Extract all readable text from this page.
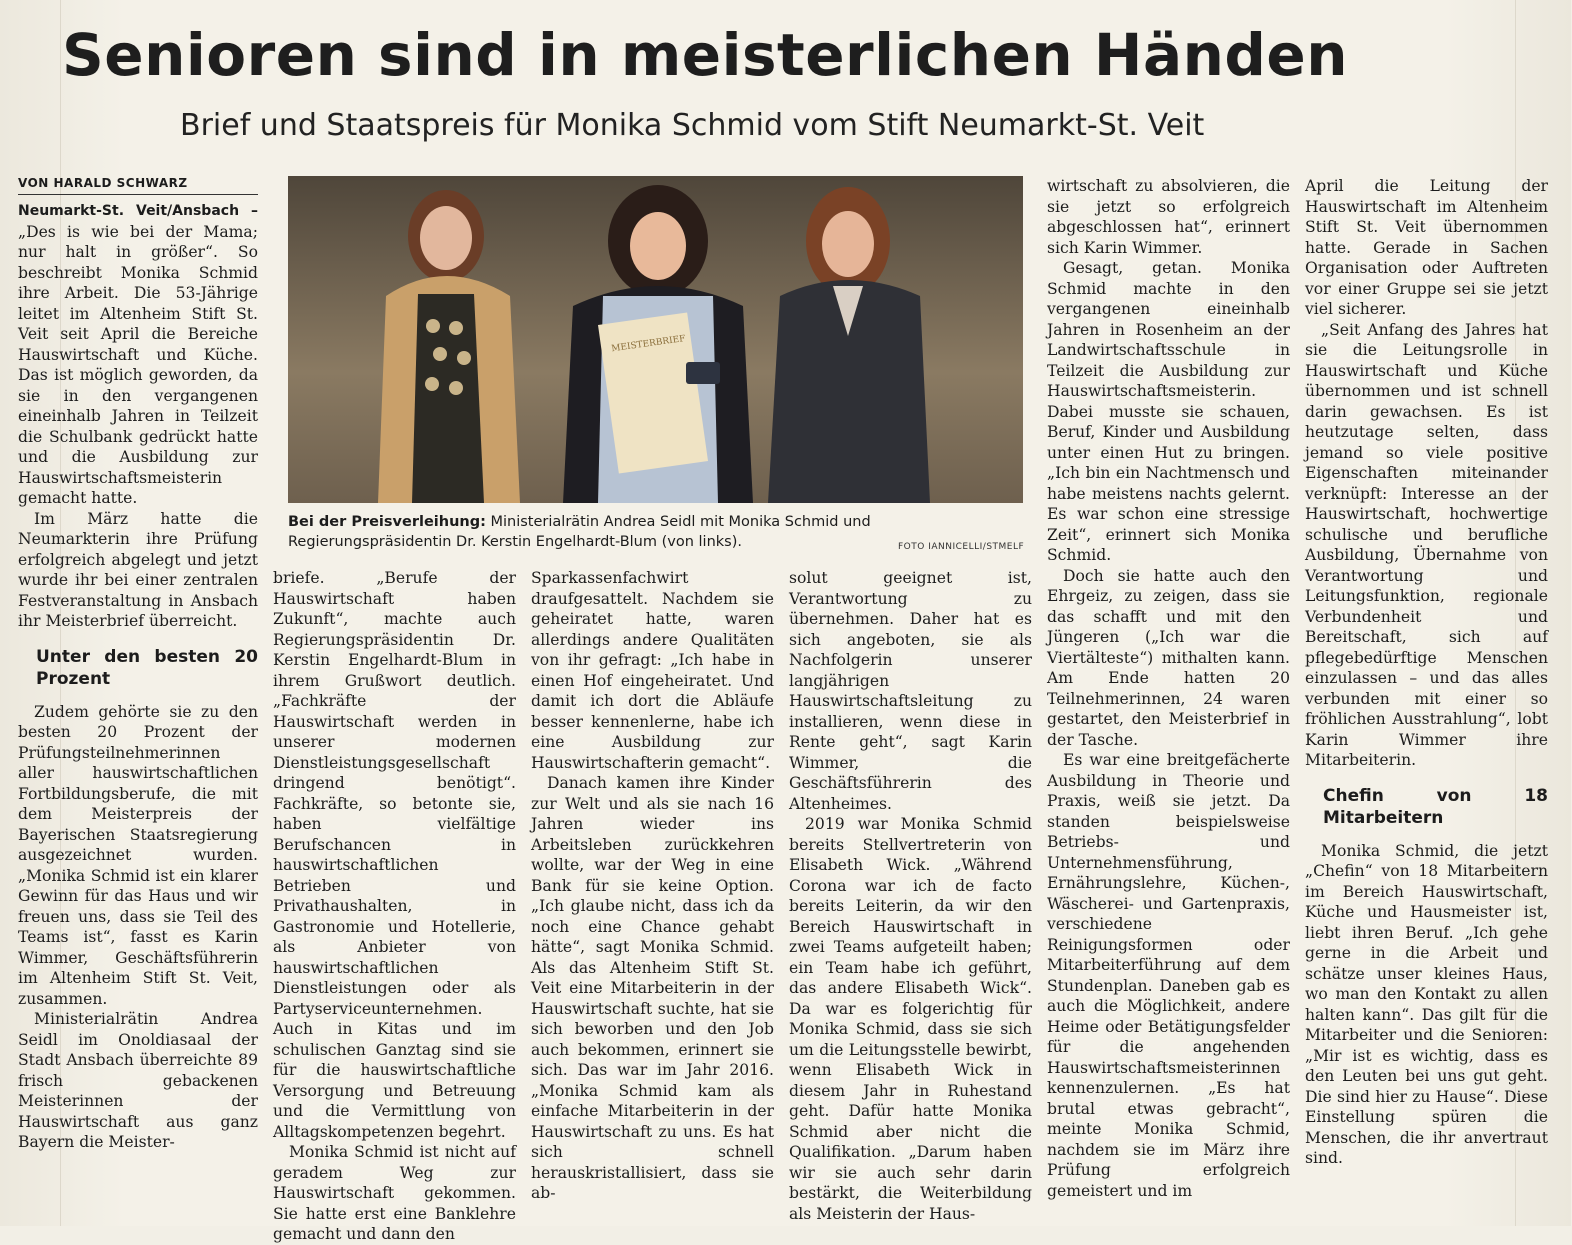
Senioren sind in meisterlichen Händen
Brief und Staatspreis für Monika Schmid vom Stift Neumarkt-St. Veit
VON HARALD SCHWARZ

Neumarkt-St. Veit/Ansbach – „Des is wie bei der Mama; nur halt in größer“. So beschreibt Monika Schmid ihre Arbeit. Die 53-Jährige leitet im Altenheim Stift St. Veit seit April die Bereiche Hauswirtschaft und Küche. Das ist möglich geworden, da sie in den vergangenen eineinhalb Jahren in Teilzeit die Schulbank gedrückt hatte und die Ausbildung zur Hauswirtschaftsmeisterin gemacht hatte.

Im März hatte die Neumarkterin ihre Prüfung erfolgreich abgelegt und jetzt wurde ihr bei einer zentralen Festveranstaltung in Ansbach ihr Meisterbrief überreicht.

Unter den besten 20 Prozent

Zudem gehörte sie zu den besten 20 Prozent der Prüfungsteilnehmerinnen aller hauswirtschaftlichen Fortbildungsberufe, die mit dem Meisterpreis der Bayerischen Staatsregierung ausgezeichnet wurden. „Monika Schmid ist ein klarer Gewinn für das Haus und wir freuen uns, dass sie Teil des Teams ist“, fasst es Karin Wimmer, Geschäftsführerin im Altenheim Stift St. Veit, zusammen.

Ministerialrätin Andrea Seidl im Onoldiasaal der Stadt Ansbach überreichte 89 frisch gebackenen Meisterinnen der Hauswirtschaft aus ganz Bayern die Meister-

MEISTERBRIEF
Bei der Preisverleihung: Ministerialrätin Andrea Seidl mit Monika Schmid und Regierungspräsidentin Dr. Kerstin Engelhardt-Blum (von links).	FOTO IANNICELLI/STMELF

briefe. „Berufe der Hauswirtschaft haben Zukunft“, machte auch Regierungspräsidentin Dr. Kerstin Engelhardt-Blum in ihrem Grußwort deutlich. „Fachkräfte der Hauswirtschaft werden in unserer modernen Dienstleistungsgesellschaft dringend benötigt“. Fachkräfte, so betonte sie, haben vielfältige Berufschancen in hauswirtschaftlichen Betrieben und Privathaushalten, in Gastronomie und Hotellerie, als Anbieter von hauswirtschaftlichen Dienstleistungen oder als Partyserviceunternehmen. Auch in Kitas und im schulischen Ganztag sind sie für die hauswirtschaftliche Versorgung und Betreuung und die Vermittlung von Alltagskompetenzen begehrt.

Monika Schmid ist nicht auf geradem Weg zur Hauswirtschaft gekommen. Sie hatte erst eine Banklehre gemacht und dann den

Sparkassenfachwirt draufgesattelt. Nachdem sie geheiratet hatte, waren allerdings andere Qualitäten von ihr gefragt: „Ich habe in einen Hof eingeheiratet. Und damit ich dort die Abläufe besser kennenlerne, habe ich eine Ausbildung zur Hauswirtschafterin gemacht“.

Danach kamen ihre Kinder zur Welt und als sie nach 16 Jahren wieder ins Arbeitsleben zurückkehren wollte, war der Weg in eine Bank für sie keine Option. „Ich glaube nicht, dass ich da noch eine Chance gehabt hätte“, sagt Monika Schmid. Als das Altenheim Stift St. Veit eine Mitarbeiterin in der Hauswirtschaft suchte, hat sie sich beworben und den Job auch bekommen, erinnert sie sich. Das war im Jahr 2016. „Monika Schmid kam als einfache Mitarbeiterin in der Hauswirtschaft zu uns. Es hat sich schnell herauskristallisiert, dass sie ab-

solut geeignet ist, Verantwortung zu übernehmen. Daher hat es sich angeboten, sie als Nachfolgerin unserer langjährigen Hauswirtschaftsleitung zu installieren, wenn diese in Rente geht“, sagt Karin Wimmer, die Geschäftsführerin des Altenheimes.

2019 war Monika Schmid bereits Stellvertreterin von Elisabeth Wick. „Während Corona war ich de facto bereits Leiterin, da wir den Bereich Hauswirtschaft in zwei Teams aufgeteilt haben; ein Team habe ich geführt, das andere Elisabeth Wick“. Da war es folgerichtig für Monika Schmid, dass sie sich um die Leitungsstelle bewirbt, wenn Elisabeth Wick in diesem Jahr in Ruhestand geht. Dafür hatte Monika Schmid aber nicht die Qualifikation. „Darum haben wir sie auch sehr darin bestärkt, die Weiterbildung als Meisterin der Haus-

wirtschaft zu absolvieren, die sie jetzt so erfolgreich abgeschlossen hat“, erinnert sich Karin Wimmer.

Gesagt, getan. Monika Schmid machte in den vergangenen eineinhalb Jahren in Rosenheim an der Landwirtschaftsschule in Teilzeit die Ausbildung zur Hauswirtschaftsmeisterin. Dabei musste sie schauen, Beruf, Kinder und Ausbildung unter einen Hut zu bringen. „Ich bin ein Nachtmensch und habe meistens nachts gelernt. Es war schon eine stressige Zeit“, erinnert sich Monika Schmid.

Doch sie hatte auch den Ehrgeiz, zu zeigen, dass sie das schafft und mit den Jüngeren („Ich war die Viertälteste“) mithalten kann. Am Ende hatten 20 Teilnehmerinnen, 24 waren gestartet, den Meisterbrief in der Tasche.

Es war eine breitgefächerte Ausbildung in Theorie und Praxis, weiß sie jetzt. Da standen beispielsweise Betriebs- und Unternehmensführung, Ernährungslehre, Küchen-, Wäscherei- und Gartenpraxis, verschiedene Reinigungsformen oder Mitarbeiterführung auf dem Stundenplan. Daneben gab es auch die Möglichkeit, andere Heime oder Betätigungsfelder für die angehenden Hauswirtschaftsmeisterinnen kennenzulernen. „Es hat brutal etwas gebracht“, meinte Monika Schmid, nachdem sie im März ihre Prüfung erfolgreich gemeistert und im

April die Leitung der Hauswirtschaft im Altenheim Stift St. Veit übernommen hatte. Gerade in Sachen Organisation oder Auftreten vor einer Gruppe sei sie jetzt viel sicherer.

„Seit Anfang des Jahres hat sie die Leitungsrolle in Hauswirtschaft und Küche übernommen und ist schnell darin gewachsen. Es ist heutzutage selten, dass jemand so viele positive Eigenschaften miteinander verknüpft: Interesse an der Hauswirtschaft, hochwertige schulische und berufliche Ausbildung, Übernahme von Verantwortung und Leitungsfunktion, regionale Verbundenheit und Bereitschaft, sich auf pflegebedürftige Menschen einzulassen – und das alles verbunden mit einer so fröhlichen Ausstrahlung“, lobt Karin Wimmer ihre Mitarbeiterin.

Chefin von 18 Mitarbeitern

Monika Schmid, die jetzt „Chefin“ von 18 Mitarbeitern im Bereich Hauswirtschaft, Küche und Hausmeister ist, liebt ihren Beruf. „Ich gehe gerne in die Arbeit und schätze unser kleines Haus, wo man den Kontakt zu allen halten kann“. Das gilt für die Mitarbeiter und die Senioren: „Mir ist es wichtig, dass es den Leuten bei uns gut geht. Die sind hier zu Hause“. Diese Einstellung spüren die Menschen, die ihr anvertraut sind.
